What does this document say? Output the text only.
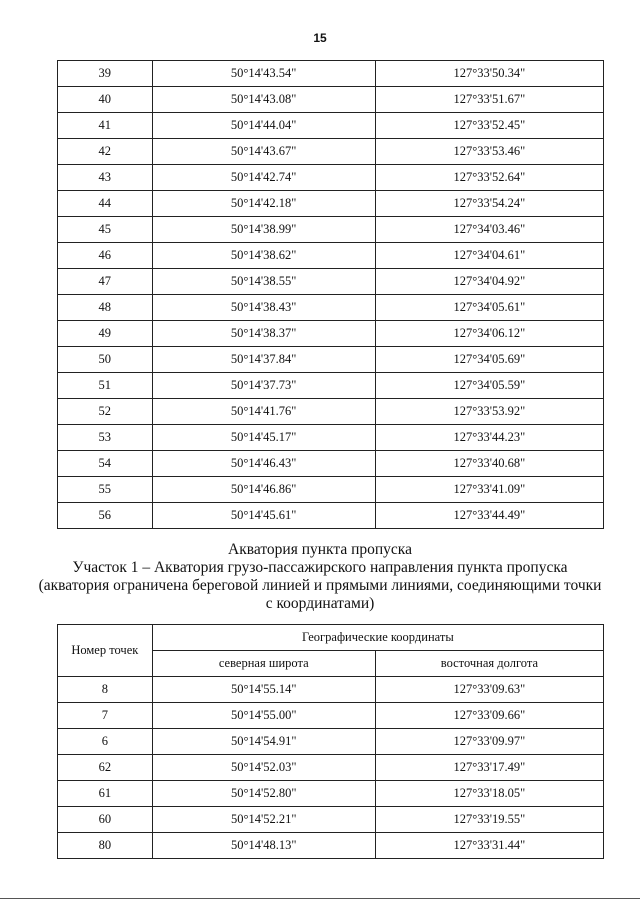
15
39	50°14'43.54"	127°33'50.34"
40	50°14'43.08"	127°33'51.67"
41	50°14'44.04"	127°33'52.45"
42	50°14'43.67"	127°33'53.46"
43	50°14'42.74"	127°33'52.64"
44	50°14'42.18"	127°33'54.24"
45	50°14'38.99"	127°34'03.46"
46	50°14'38.62"	127°34'04.61"
47	50°14'38.55"	127°34'04.92"
48	50°14'38.43"	127°34'05.61"
49	50°14'38.37"	127°34'06.12"
50	50°14'37.84"	127°34'05.69"
51	50°14'37.73"	127°34'05.59"
52	50°14'41.76"	127°33'53.92"
53	50°14'45.17"	127°33'44.23"
54	50°14'46.43"	127°33'40.68"
55	50°14'46.86"	127°33'41.09"
56	50°14'45.61"	127°33'44.49"
Акватория пункта пропуска
Участок 1 – Акватория грузо-пассажирского направления пункта пропуска
(акватория ограничена береговой линией и прямыми линиями, соединяющими точки
с координатами)
Номер точек	Географические координаты	
	северная широта	восточная долгота
8	50°14'55.14"	127°33'09.63"
7	50°14'55.00"	127°33'09.66"
6	50°14'54.91"	127°33'09.97"
62	50°14'52.03"	127°33'17.49"
61	50°14'52.80"	127°33'18.05"
60	50°14'52.21"	127°33'19.55"
80	50°14'48.13"	127°33'31.44"
